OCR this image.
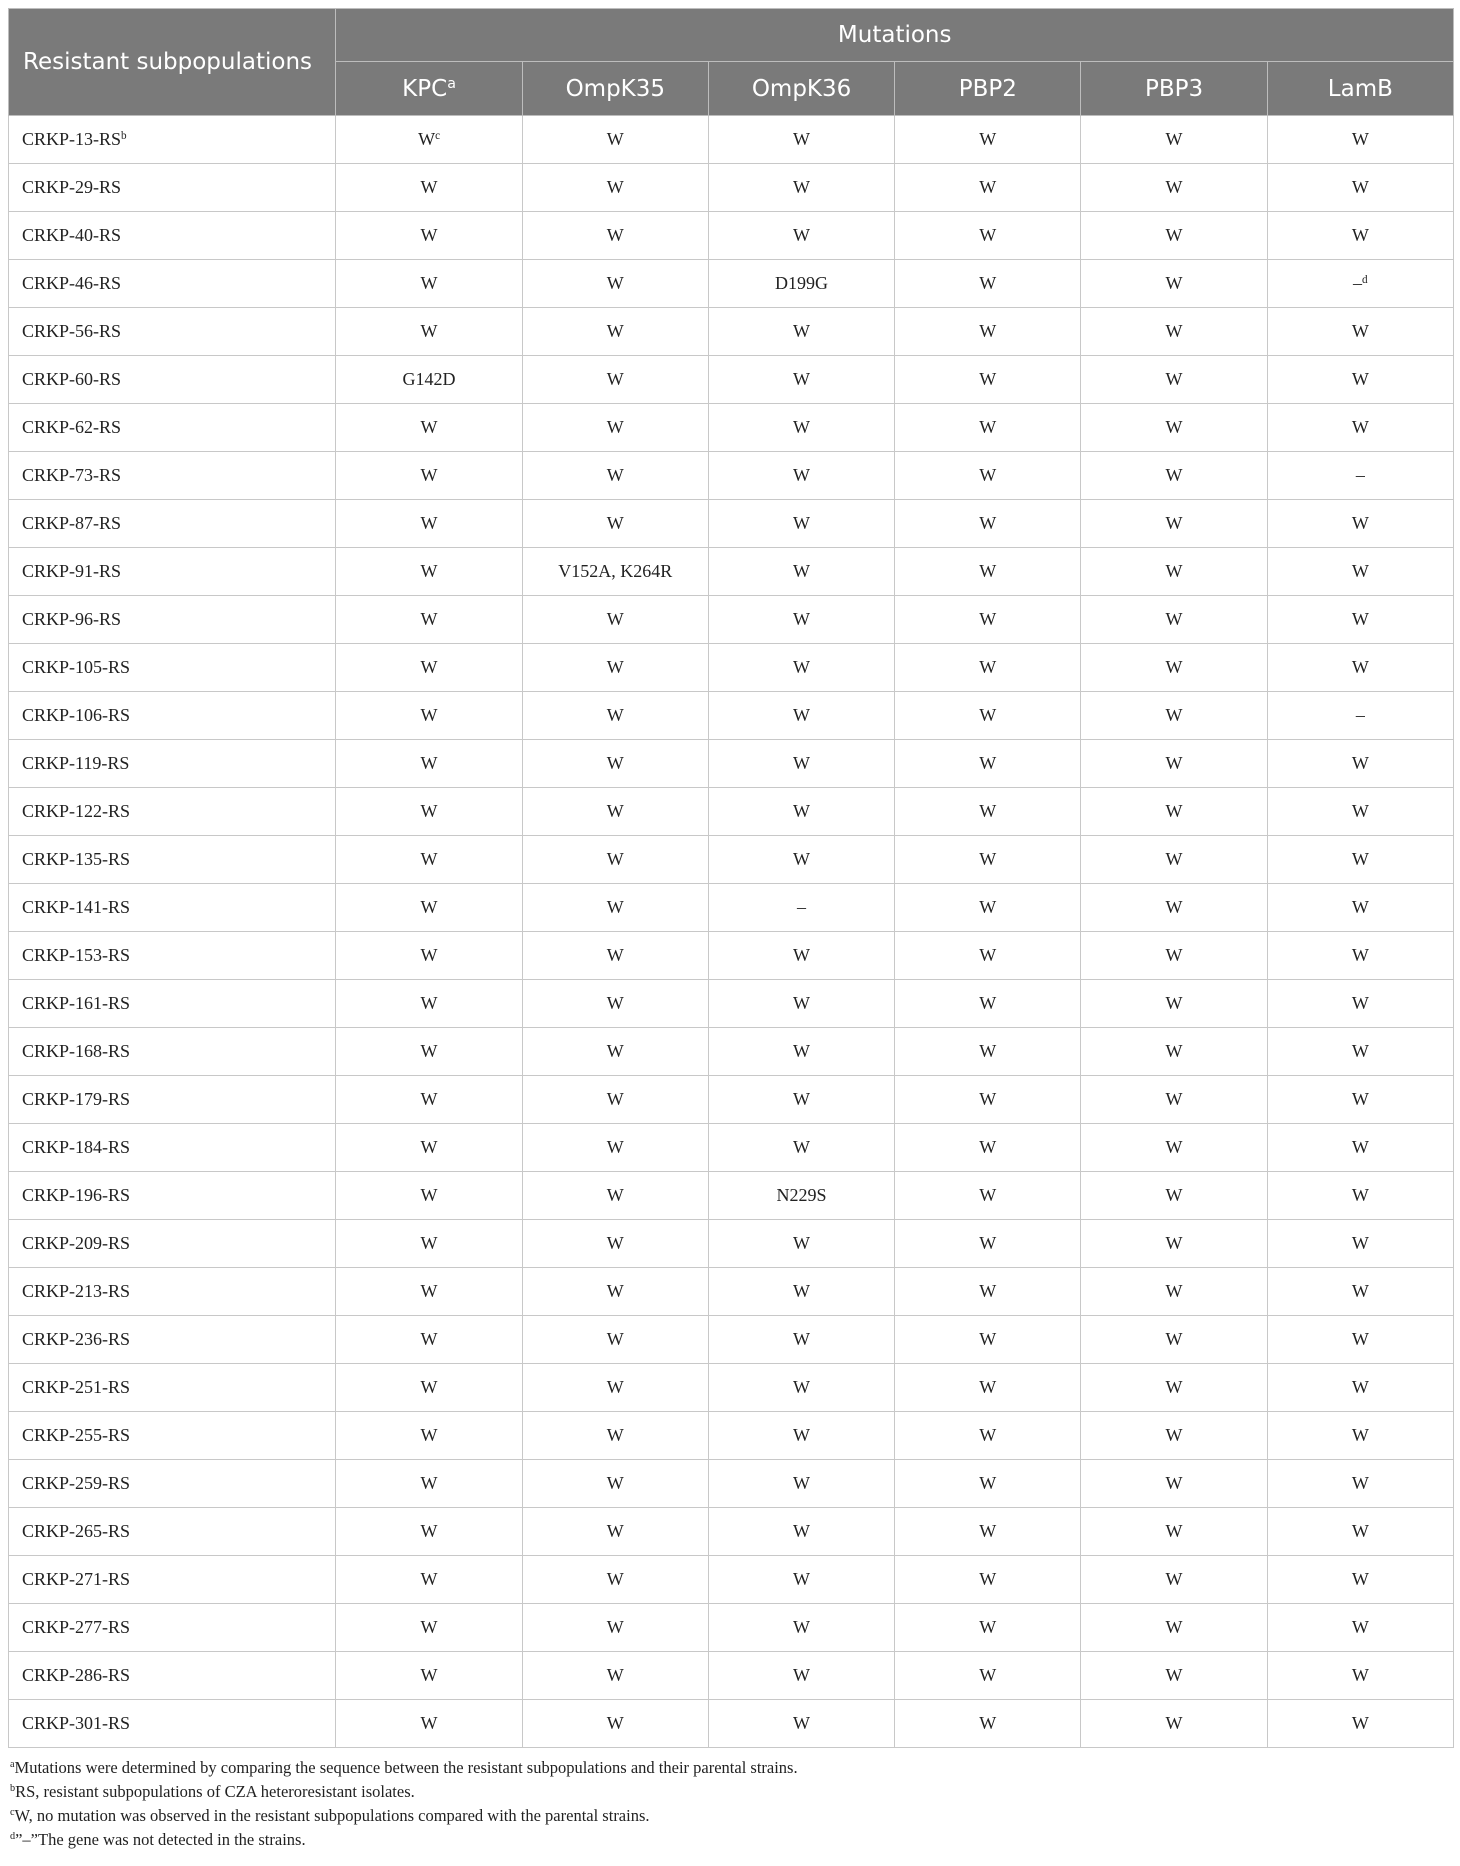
Resistant subpopulations	Mutations					
	KPC$^a$	OmpK35	OmpK36	PBP2	PBP3	LamB
CRKP-$13-RS^b$	$W^c$	W	W	W	W	W
CRKP-29-RS	W	W	W	W	W	W
CRKP-40-RS	W	W	W	W	W	W
CRKP-46-RS	W	W	D199G	W	W	–$^d$
CRKP-56-RS	W	W	W	W	W	W
CRKP-60-RS	G142D	W	W	W	W	W
CRKP-62-RS	W	W	W	W	W	W
CRKP-73-RS	W	W	W	W	W	–
CRKP-87-RS	W	W	W	W	W	W
CRKP-91-RS	W	V152A, K264R	W	W	W	W
CRKP-96-RS	W	W	W	W	W	W
CRKP-105-RS	W	W	W	W	W	W
CRKP-106-RS	W	W	W	W	W	–
CRKP-119-RS	W	W	W	W	W	W
CRKP-122-RS	W	W	W	W	W	W
CRKP-135-RS	W	W	W	W	W	W
CRKP-141-RS	W	W	–	W	W	W
CRKP-153-RS	W	W	W	W	W	W
CRKP-161-RS	W	W	W	W	W	W
CRKP-168-RS	W	W	W	W	W	W
CRKP-179-RS	W	W	W	W	W	W
CRKP-184-RS	W	W	W	W	W	W
CRKP-196-RS	W	W	N229S	W	W	W
CRKP-209-RS	W	W	W	W	W	W
CRKP-213-RS	W	W	W	W	W	W
CRKP-236-RS	W	W	W	W	W	W
CRKP-251-RS	W	W	W	W	W	W
CRKP-255-RS	W	W	W	W	W	W
CRKP-259-RS	W	W	W	W	W	W
CRKP-265-RS	W	W	W	W	W	W
CRKP-271-RS	W	W	W	W	W	W
CRKP-277-RS	W	W	W	W	W	W
CRKP-286-RS	W	W	W	W	W	W
CRKP-301-RS	W	W	W	W	W	W
$^a$Mutations were determined by comparing the sequence between the resistant subpopulations and their parental strains.
$^b$RS, resistant subpopulations of CZA heteroresistant isolates.
$^c$W, no mutation was observed in the resistant subpopulations compared with the parental strains.
$^d$”–”The gene was not detected in the strains.
